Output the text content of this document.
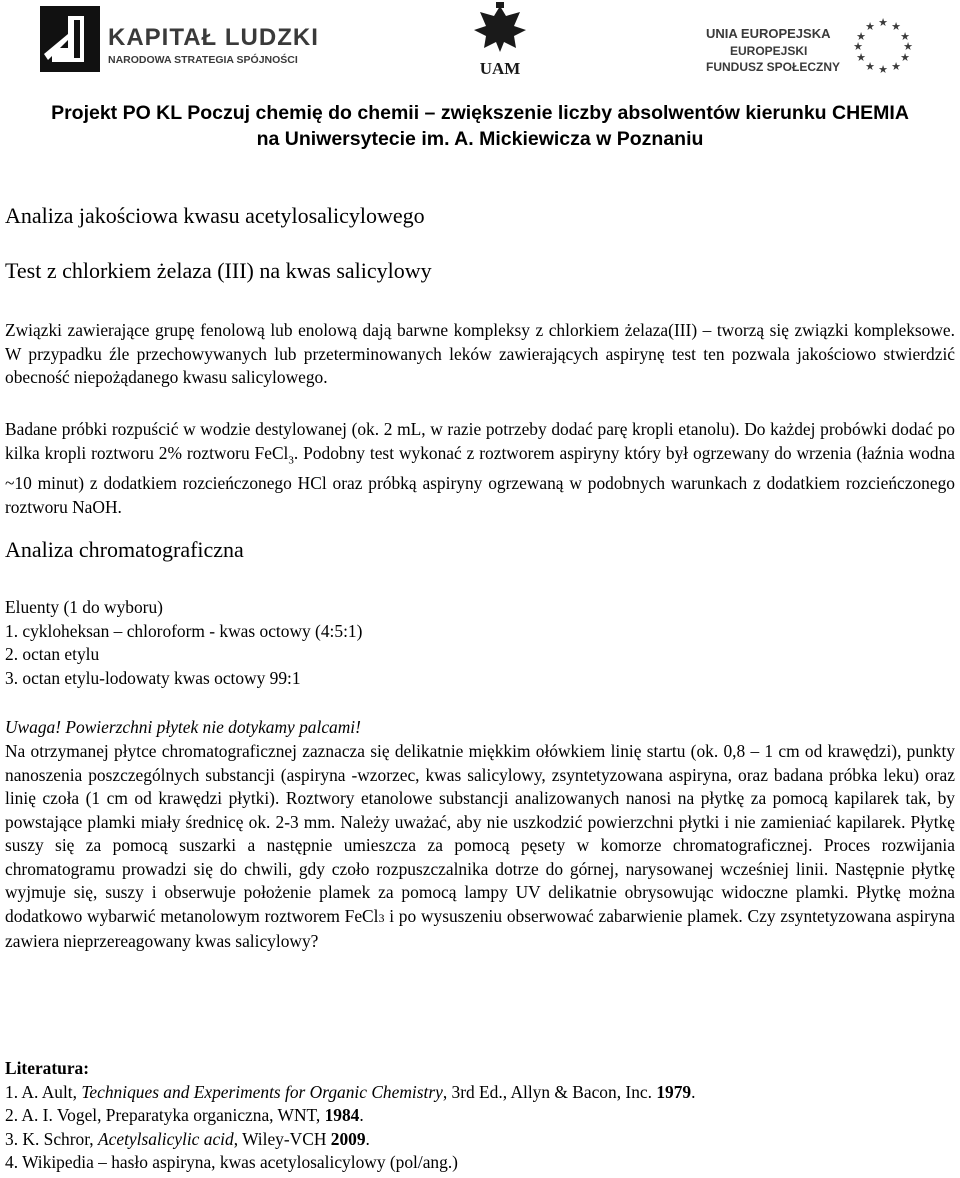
KAPITAŁ LUDZKI
NARODOWA STRATEGIA SPÓJNOŚCI	UAM
UNIA EUROPEJSKA
EUROPEJSKI
FUNDUSZ SPOŁECZNY
★ ★
★
★
★
★
★
★
★
★
★
★
Projekt PO KL Poczuj chemię do chemii – zwiększenie liczby absolwentów kierunku CHEMIA
na Uniwersytecie im. A. Mickiewicza w Poznaniu
Analiza jakościowa kwasu acetylosalicylowego
Test z chlorkiem żelaza (III) na kwas salicylowy

Związki zawierające grupę fenolową lub enolową dają barwne kompleksy z chlorkiem żelaza(III) – tworzą się związki kompleksowe. W przypadku źle przechowywanych lub przeterminowanych leków zawierających aspirynę test ten pozwala jakościowo stwierdzić obecność niepożądanego kwasu salicylowego.

Badane próbki rozpuścić w wodzie destylowanej (ok. 2 mL, w razie potrzeby dodać parę kropli etanolu). Do każdej probówki dodać po kilka kropli roztworu 2% roztworu FeCl$_3$. Podobny test wykonać z roztworem aspiryny który był ogrzewany do wrzenia (łaźnia wodna ~10 minut) z dodatkiem rozcieńczonego HCl oraz próbką aspiryny ogrzewaną w podobnych warunkach z dodatkiem rozcieńczonego roztworu NaOH.

Analiza chromatograficzna
Eluenty (1 do wyboru)
1. cykloheksan – chloroform - kwas octowy (4:5:1)
2. octan etylu
3. octan etylu-lodowaty kwas octowy 99:1
Uwaga! Powierzchni płytek nie dotykamy palcami!

Na otrzymanej płytce chromatograficznej zaznacza się delikatnie miękkim ołówkiem linię startu (ok. 0,8 – 1 cm od krawędzi), punkty nanoszenia poszczególnych substancji (aspiryna -wzorzec, kwas salicylowy, zsyntetyzowana aspiryna, oraz badana próbka leku) oraz linię czoła (1 cm od krawędzi płytki). Roztwory etanolowe substancji analizowanych nanosi na płytkę za pomocą kapilarek tak, by powstające plamki miały średnicę ok. 2-3 mm. Należy uważać, aby nie uszkodzić powierzchni płytki i nie zamieniać kapilarek. Płytkę suszy się za pomocą suszarki a następnie umieszcza za pomocą pęsety w komorze chromatograficznej. Proces rozwijania chromatogramu prowadzi się do chwili, gdy czoło rozpuszczalnika dotrze do górnej, narysowanej wcześniej linii. Następnie płytkę wyjmuje się, suszy i obserwuje położenie plamek za pomocą lampy UV delikatnie obrysowując widoczne plamki. Płytkę można dodatkowo wybarwić metanolowym roztworem FeCl3 i po wysuszeniu obserwować zabarwienie plamek. Czy zsyntetyzowana aspiryna zawiera nieprzereagowany kwas salicylowy?

Literatura:
1. A. Ault, Techniques and Experiments for Organic Chemistry, 3rd Ed., Allyn & Bacon, Inc. 1979.
2. A. I. Vogel, Preparatyka organiczna, WNT, 1984.
3. K. Schror, Acetylsalicylic acid, Wiley-VCH 2009.
4. Wikipedia – hasło aspiryna, kwas acetylosalicylowy (pol/ang.)
